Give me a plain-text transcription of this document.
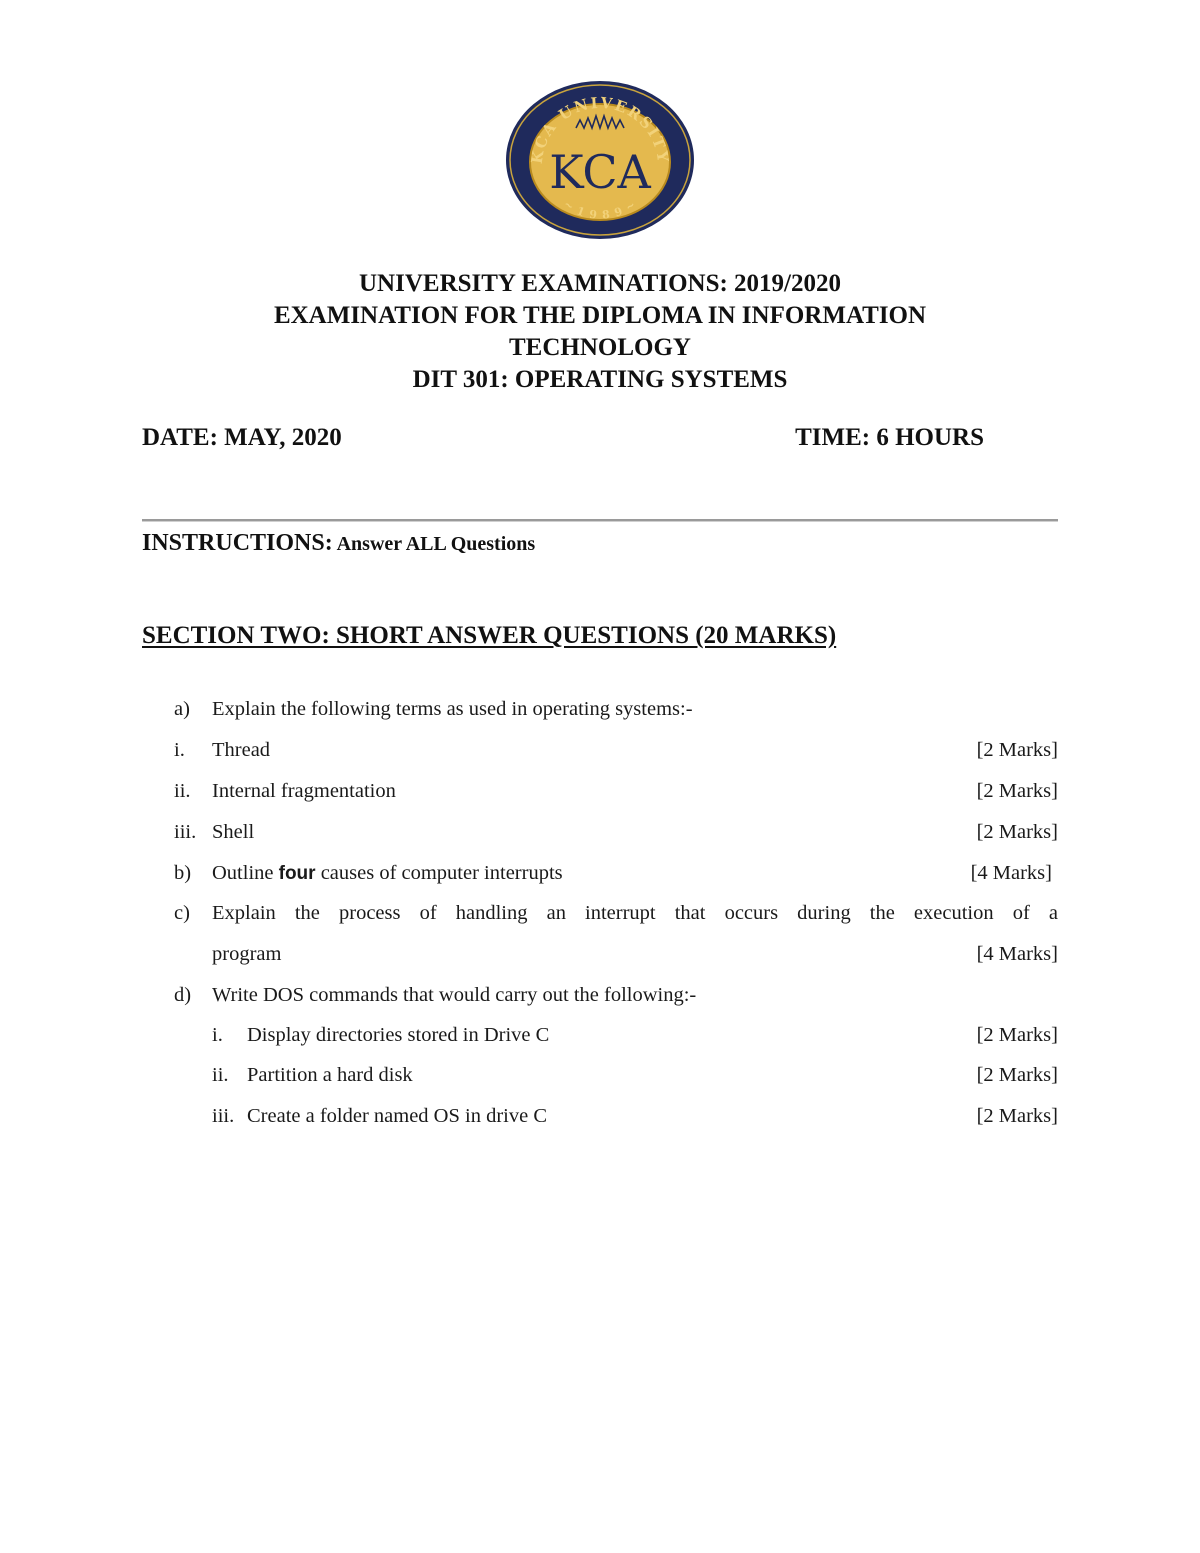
KCA UNIVERSITY
~ 1 9 8 9 ~
KCA
UNIVERSITY EXAMINATIONS: 2019/2020
EXAMINATION FOR THE DIPLOMA IN INFORMATION
TECHNOLOGY
DIT 301: OPERATING SYSTEMS
DATE: MAY, 2020	TIME: 6 HOURS
INSTRUCTIONS: Answer ALL Questions
SECTION TWO: SHORT ANSWER QUESTIONS (20 MARKS)
a) Explain the following terms as used in operating systems:-
i. Thread	[2 Marks]
ii. Internal fragmentation	[2 Marks]
iii. Shell	[2 Marks]
b) Outline four causes of computer interrupts	[4 Marks]
c) Explain the process of handling an interrupt that occurs during the execution of a
program	[4 Marks]
d) Write DOS commands that would carry out the following:-
i. Display directories stored in Drive C	[2 Marks]
ii. Partition a hard disk	[2 Marks]
iii. Create a folder named OS in drive C	[2 Marks]
